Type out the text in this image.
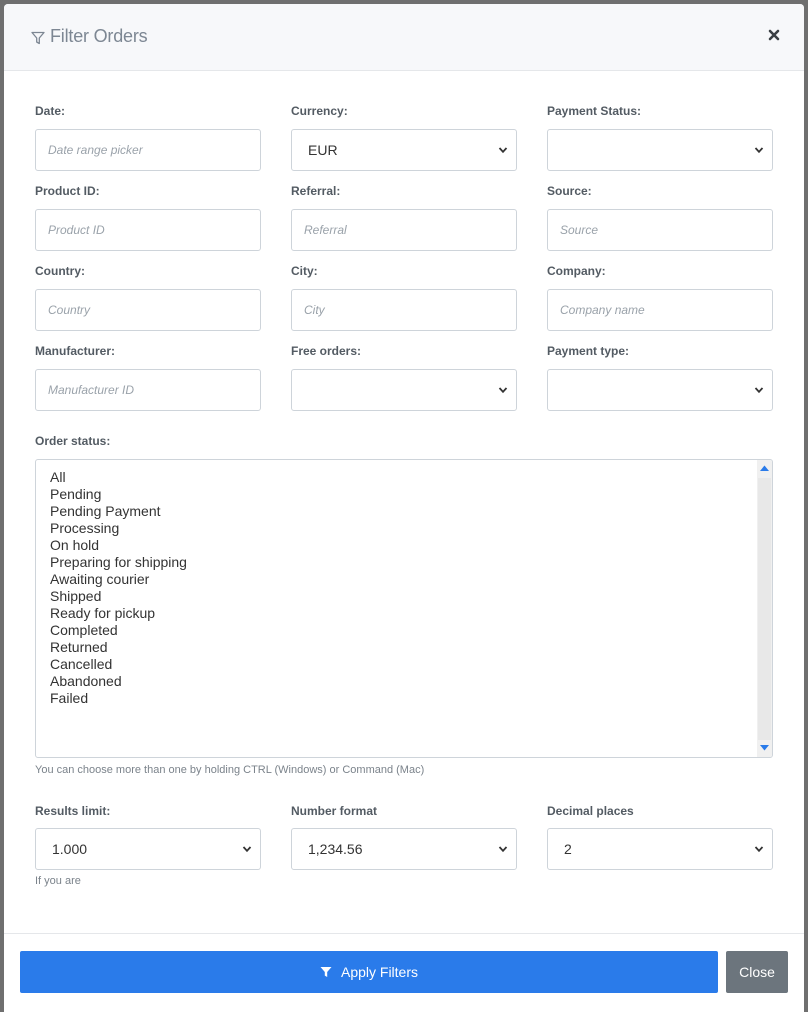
Filter Orders
Date:
Date range picker
Currency:
EUR
Payment Status:
Product ID:
Product ID
Referral:
Referral
Source:
Source
Country:
Country
City:
City
Company:
Company name
Manufacturer:
Manufacturer ID
Free orders:	Payment type:
Order status:
All
Pending
Pending Payment
Processing
On hold
Preparing for shipping
Awaiting courier
Shipped
Ready for pickup
Completed
Returned
Cancelled
Abandoned
Failed
You can choose more than one by holding CTRL (Windows) or Command (Mac)
Results limit:
1.000
If you are
Number format
1,234.56
Decimal places
2
Apply Filters	Close
